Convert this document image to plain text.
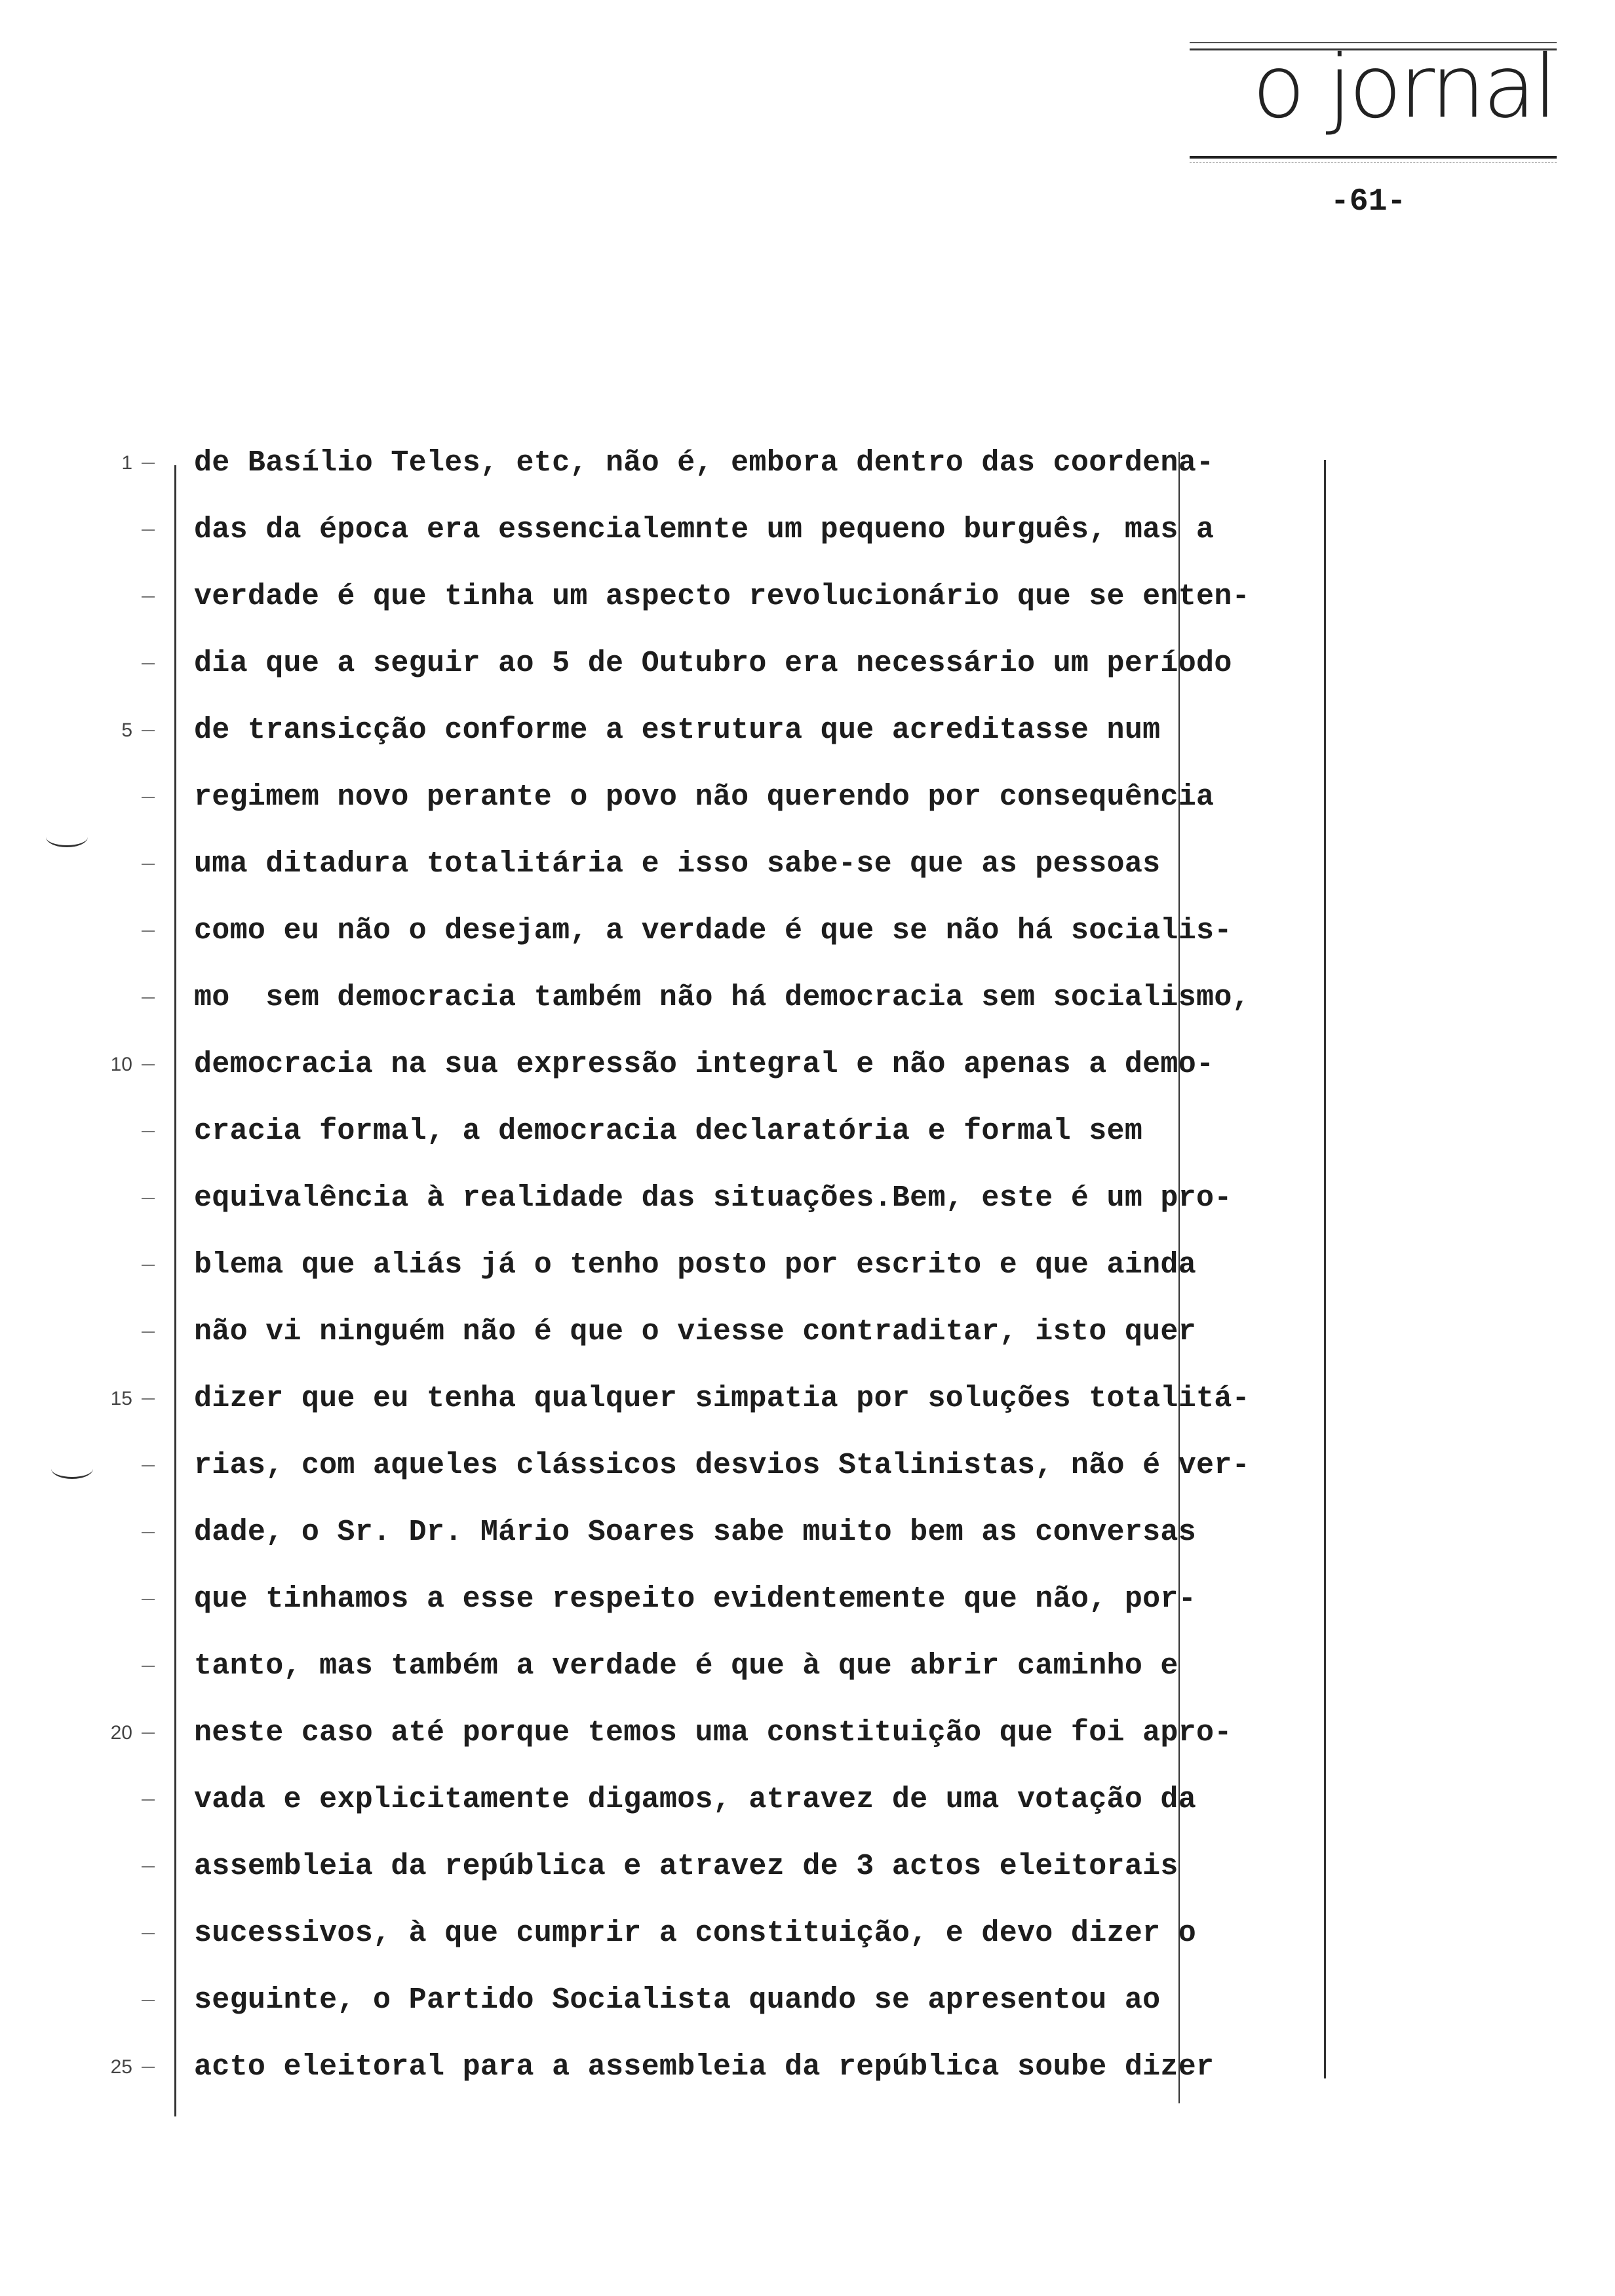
o jornal
-61-
1
5
10
15
20
25
de Basílio Teles, etc, não é, embora dentro das coordena-
das da época era essencialemnte um pequeno burguês, mas a
verdade é que tinha um aspecto revolucionário que se enten-
dia que a seguir ao 5 de Outubro era necessário um período
de transicção conforme a estrutura que acreditasse num
regimem novo perante o povo não querendo por consequência
uma ditadura totalitária e isso sabe-se que as pessoas
como eu não o desejam, a verdade é que se não há socialis-
mo  sem democracia também não há democracia sem socialismo,
democracia na sua expressão integral e não apenas a demo-
cracia formal, a democracia declaratória e formal sem
equivalência à realidade das situações.Bem, este é um pro-
blema que aliás já o tenho posto por escrito e que ainda
não vi ninguém não é que o viesse contraditar, isto quer
dizer que eu tenha qualquer simpatia por soluções totalitá-
rias, com aqueles clássicos desvios Stalinistas, não é ver-
dade, o Sr. Dr. Mário Soares sabe muito bem as conversas
que tinhamos a esse respeito evidentemente que não, por-
tanto, mas também a verdade é que à que abrir caminho e
neste caso até porque temos uma constituição que foi apro-
vada e explicitamente digamos, atravez de uma votação da
assembleia da república e atravez de 3 actos eleitorais
sucessivos, à que cumprir a constituição, e devo dizer o
seguinte, o Partido Socialista quando se apresentou ao
acto eleitoral para a assembleia da república soube dizer
